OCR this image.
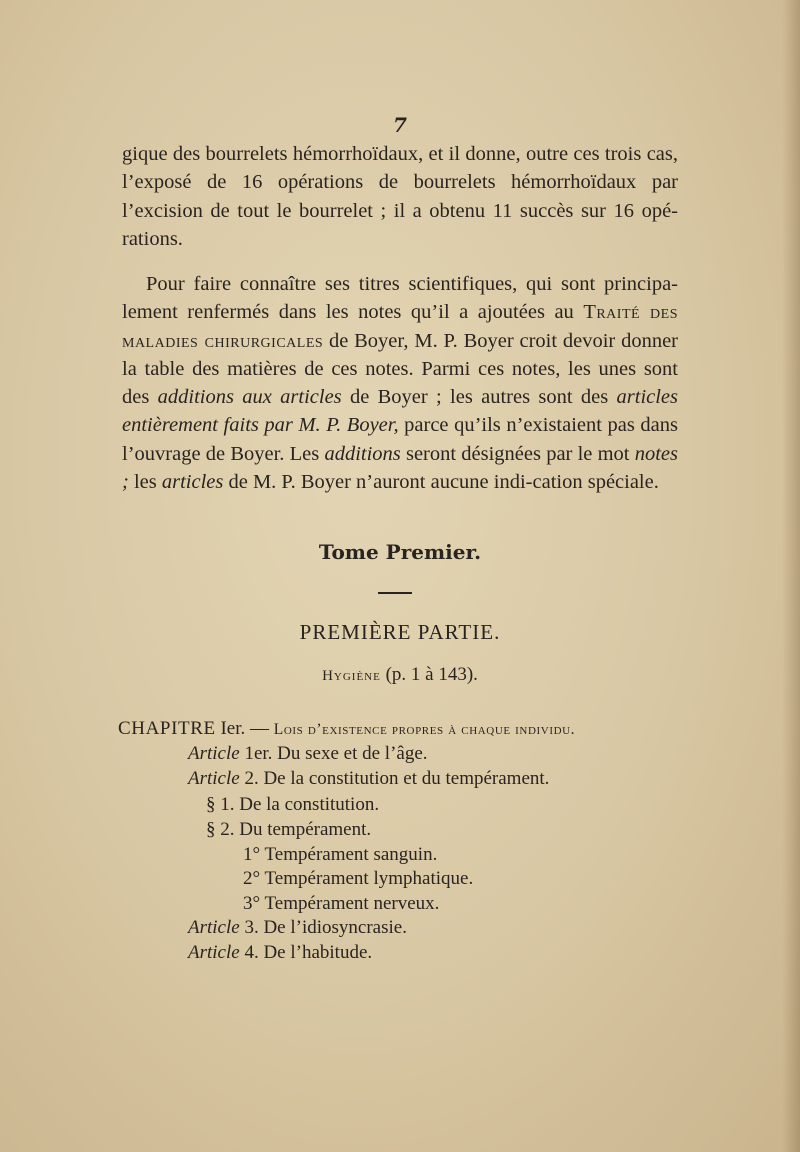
7
gique des bourrelets hémorrhoïdaux, et il donne, outre ces trois cas, l’exposé de 16 opérations de bourrelets hémorrhoïdaux par l’excision de tout le bourrelet ; il a obtenu 11 succès sur 16 opé-rations.
Pour faire connaître ses titres scientifiques, qui sont principa-lement renfermés dans les notes qu’il a ajoutées au Traité des maladies chirurgicales de Boyer, M. P. Boyer croit devoir donner la table des matières de ces notes. Parmi ces notes, les unes sont des additions aux articles de Boyer ; les autres sont des articles entièrement faits par M. P. Boyer, parce qu’ils n’existaient pas dans l’ouvrage de Boyer. Les additions seront désignées par le mot notes ; les articles de M. P. Boyer n’auront aucune indi-cation spéciale.
Tome Premier.
PREMIÈRE PARTIE.
Hygiène (p. 1 à 143).
CHAPITRE Ier. — Lois d’existence propres à chaque individu.
Article 1er. Du sexe et de l’âge.
Article 2. De la constitution et du tempérament.
§ 1. De la constitution.
§ 2. Du tempérament.
1° Tempérament sanguin.
2° Tempérament lymphatique.
3° Tempérament nerveux.
Article 3. De l’idiosyncrasie.
Article 4. De l’habitude.
